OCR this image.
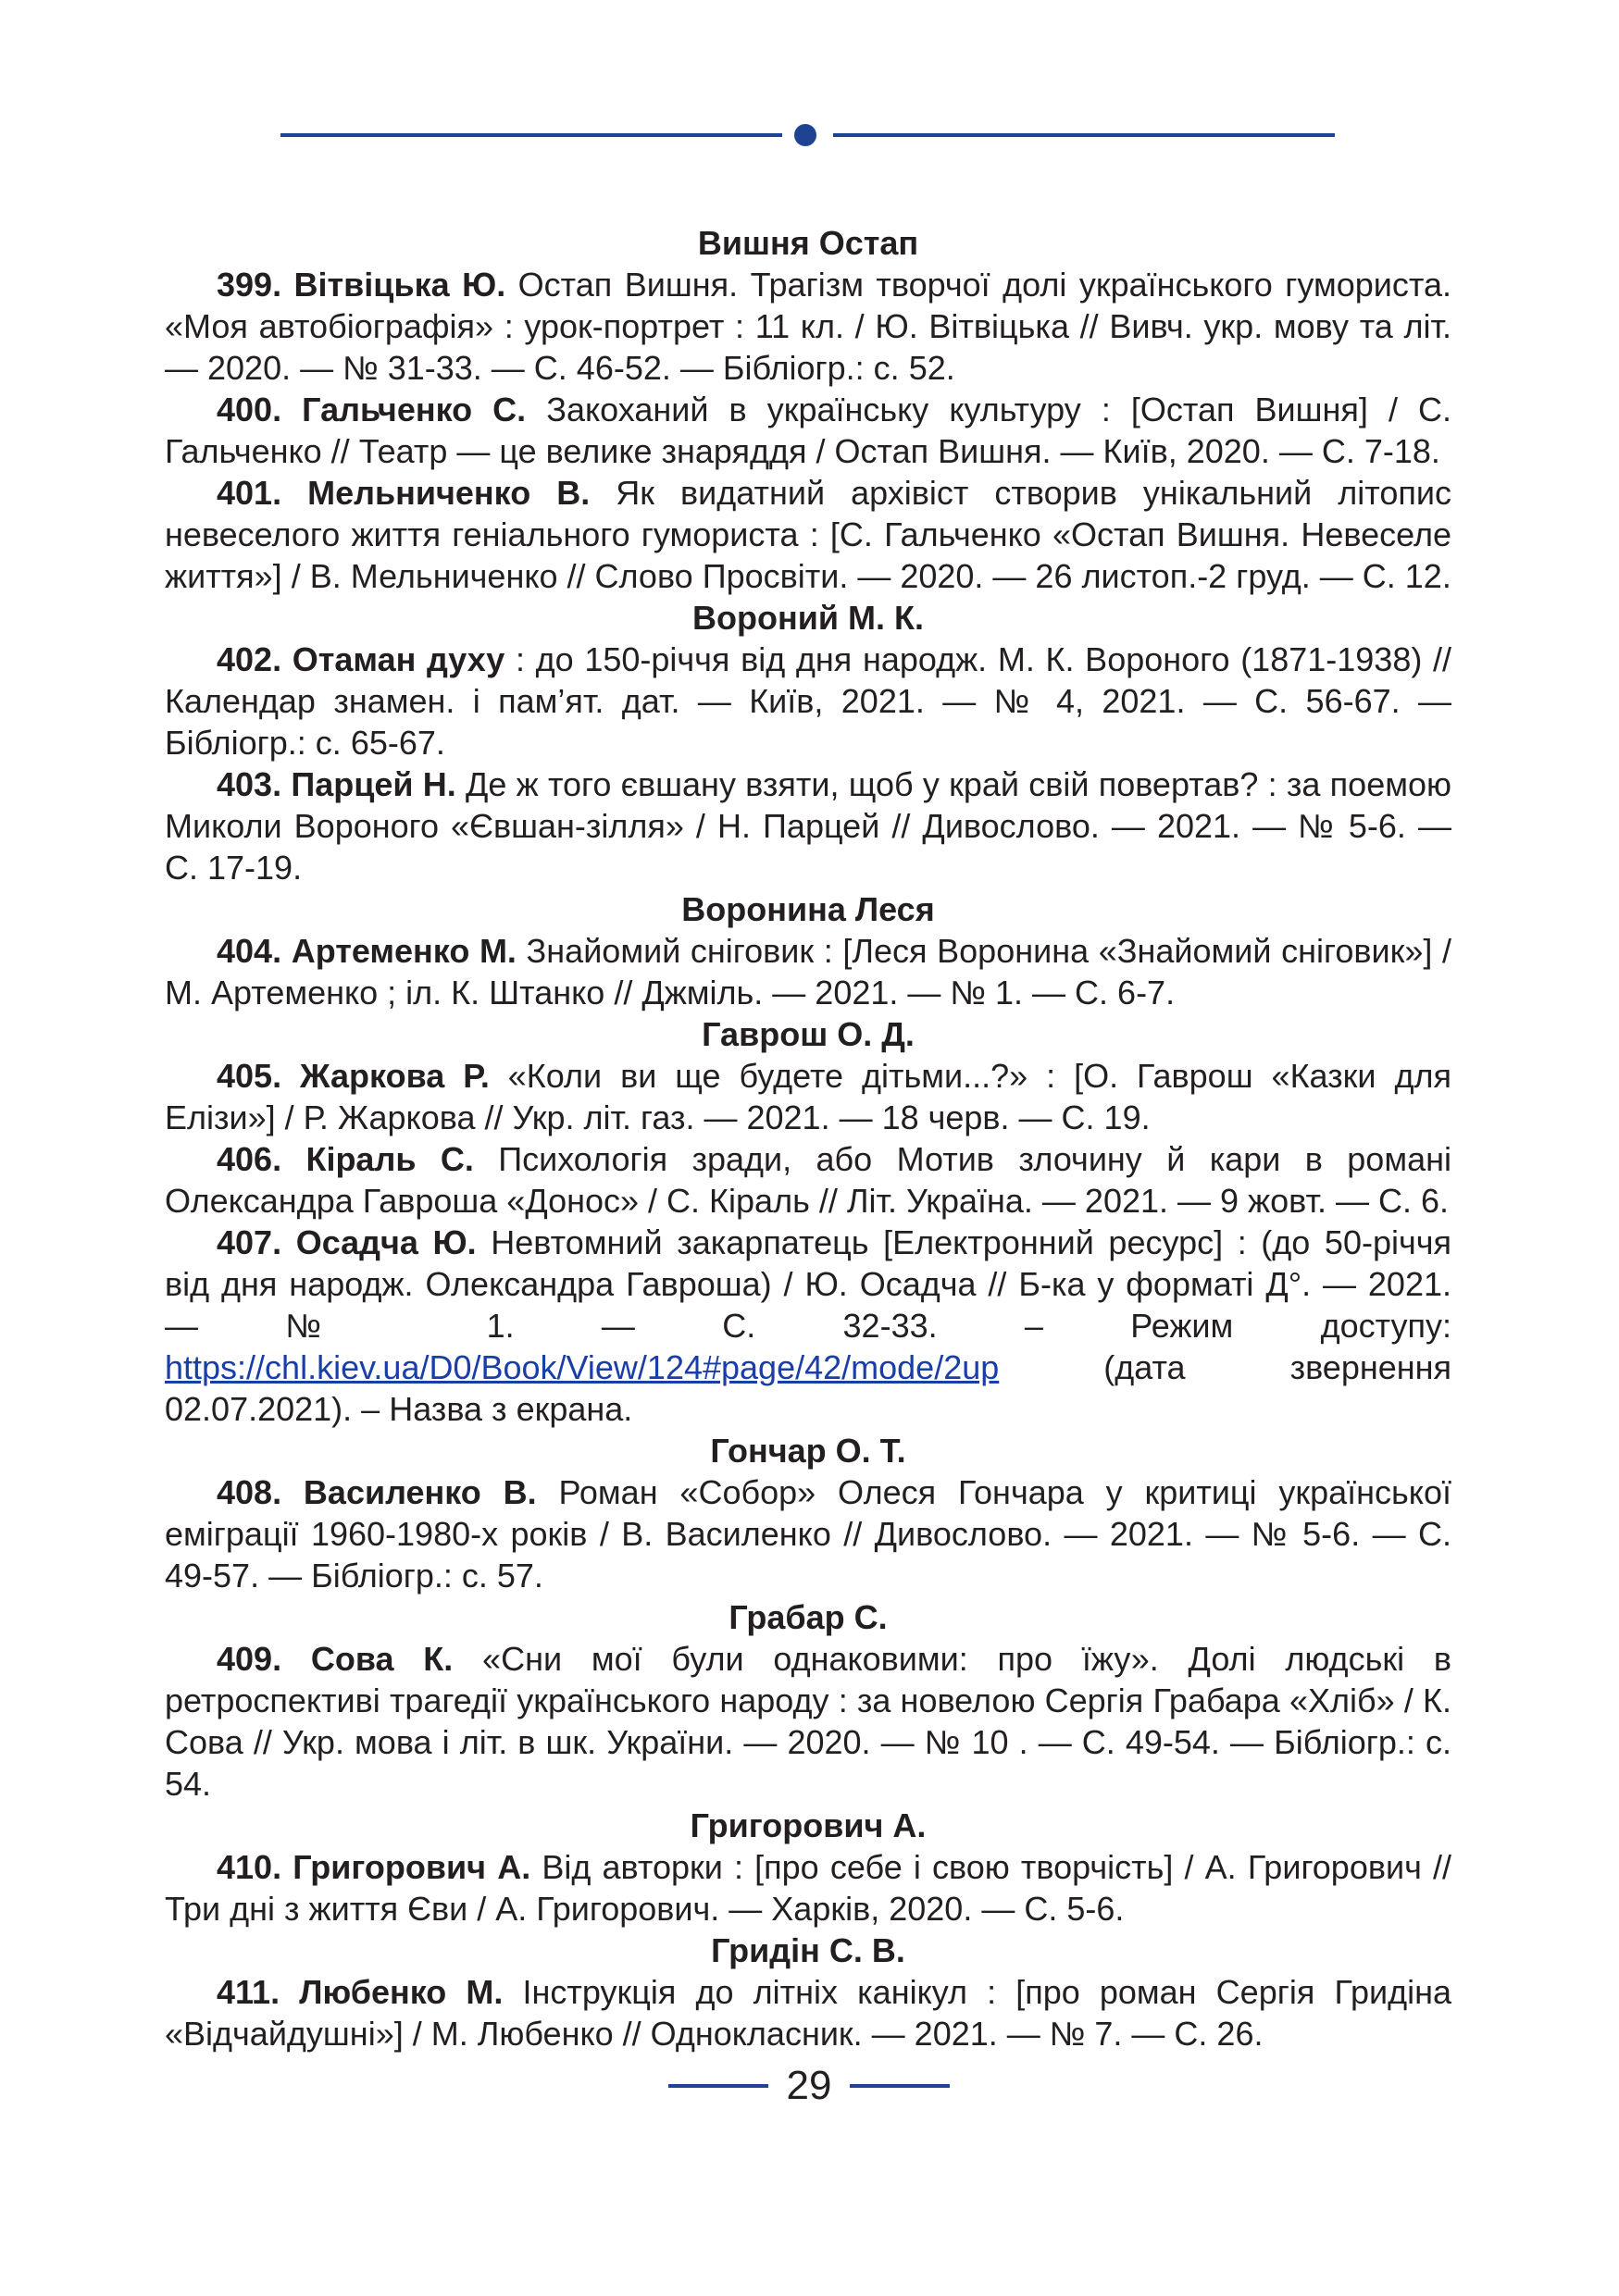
Вишня Остап

399. Вітвіцька Ю. Остап Вишня. Трагізм творчої долі українського гумориста. «Моя автобіографія» : урок-портрет : 11 кл. / Ю. Вітвіцька // Вивч. укр. мову та літ. — 2020. — № 31-33. — С. 46-52. — Бібліогр.: с. 52.

400. Гальченко С. Закоханий в українську культуру : [Остап Вишня] / С. Гальченко // Театр — це велике знаряддя / Остап Вишня. — Київ, 2020. — С. 7-18.

401. Мельниченко В. Як видатний архівіст створив унікальний літопис невеселого життя геніального гумориста : [С. Гальченко «Остап Вишня. Невеселе життя»] / В. Мельниченко // Слово Просвіти. — 2020. — 26 листоп.-2 груд. — С. 12.

Вороний М. К.

402. Отаман духу : до 150-річчя від дня народж. М. К. Вороного (1871-1938) // Календар знамен. і пам’ят. дат. — Київ, 2021. — № 4, 2021. — С. 56-67. — Бібліогр.: с. 65-67.

403. Парцей Н. Де ж того євшану взяти, щоб у край свій повертав? : за поемою Миколи Вороного «Євшан-зілля» / Н. Парцей // Дивослово. — 2021. — № 5-6. — С. 17-19.

Воронина Леся

404. Артеменко М. Знайомий сніговик : [Леся Воронина «Знайомий сніговик»] / М. Артеменко ; іл. К. Штанко // Джміль. — 2021. — № 1. — С. 6-7.

Гаврош О. Д.

405. Жаркова Р. «Коли ви ще будете дітьми...?» : [О. Гаврош «Казки для Елізи»] / Р. Жаркова // Укр. літ. газ. — 2021. — 18 черв. — С. 19.

406. Кіраль С. Психологія зради, або Мотив злочину й кари в романі Олександра Гавроша «Донос» / С. Кіраль // Літ. Україна. — 2021. — 9 жовт. — С. 6.

407. Осадча Ю. Невтомний закарпатець [Електронний ресурс] : (до 50-річчя від дня народж. Олександра Гавроша) / Ю. Осадча // Б-ка у форматі Д°. — 2021. — № 1. — С. 32-33. – Режим доступу: https://chl.kiev.ua/D0/Book/View/124#page/42/mode/2up (дата звернення 02.07.2021). – Назва з екрана.

Гончар О. Т.

408. Василенко В. Роман «Собор» Олеся Гончара у критиці української еміграції 1960-1980-х років / В. Василенко // Дивослово. — 2021. — № 5-6. — С. 49-57. — Бібліогр.: с. 57.

Грабар С.

409. Сова К. «Сни мої були однаковими: про їжу». Долі людські в ретроспективі трагедії українського народу : за новелою Сергія Грабара «Хліб» / К. Сова // Укр. мова і літ. в шк. України. — 2020. — № 10 . — С. 49-54. — Бібліогр.: с. 54.

Григорович А.

410. Григорович А. Від авторки : [про себе і свою творчість] / А. Григорович // Три дні з життя Єви / А. Григорович. — Харків, 2020. — С. 5-6.

Гридін С. В.

411. Любенко М. Інструкція до літніх канікул : [про роман Сергія Гридіна «Відчайдушні»] / М. Любенко // Однокласник. — 2021. — № 7. — С. 26.

29
